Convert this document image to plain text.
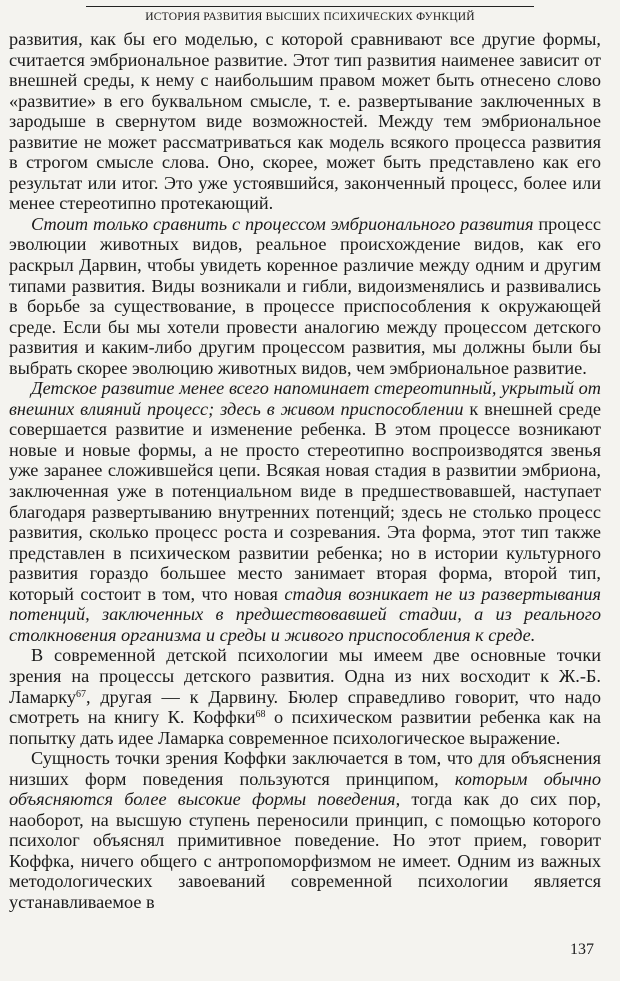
ИСТОРИЯ РАЗВИТИЯ ВЫСШИХ ПСИХИЧЕСКИХ ФУНКЦИЙ

развития, как бы его моделью, с которой сравнивают все другие формы, считается эмбриональное развитие. Этот тип развития наименее зависит от внешней среды, к нему с наибольшим правом может быть отнесено слово «развитие» в его буквальном смысле, т. е. развертывание заключенных в зародыше в свернутом виде возможностей. Между тем эмбриональное развитие не может рассматриваться как модель всякого процесса развития в строгом смысле слова. Оно, скорее, может быть представлено как его результат или итог. Это уже устоявшийся, законченный процесс, более или менее стереотипно протекающий.

Стоит только сравнить с процессом эмбрионального развития процесс эволюции животных видов, реальное происхождение видов, как его раскрыл Дарвин, чтобы увидеть коренное различие между одним и другим типами развития. Виды возникали и гибли, видоизменялись и развивались в борьбе за существование, в процессе приспособления к окружающей среде. Если бы мы хотели провести аналогию между процессом детского развития и каким-либо другим процессом развития, мы должны были бы выбрать скорее эволюцию животных видов, чем эмбриональное развитие.

Детское развитие менее всего напоминает стереотипный, укрытый от внешних влияний процесс; здесь в живом приспособлении к внешней среде совершается развитие и изменение ребенка. В этом процессе возникают новые и новые формы, а не просто стереотипно воспроизводятся звенья уже заранее сложившейся цепи. Всякая новая стадия в развитии эмбриона, заключенная уже в потенциальном виде в предшествовавшей, наступает благодаря развертыванию внутренних потенций; здесь не столько процесс развития, сколько процесс роста и созревания. Эта форма, этот тип также представлен в психическом развитии ребенка; но в истории культурного развития гораздо большее место занимает вторая форма, второй тип, который состоит в том, что новая стадия возникает не из развертывания потенций, заключенных в предшествовавшей стадии, а из реального столкновения организма и среды и живого приспособления к среде.

В современной детской психологии мы имеем две основные точки зрения на процессы детского развития. Одна из них восходит к Ж.-Б. Ламарку$^{67}$, другая — к Дарвину. Бюлер справедливо говорит, что надо смотреть на книгу К. Коффки$^{68}$ о психическом развитии ребенка как на попытку дать идее Ламарка современное психологическое выражение.

Сущность точки зрения Коффки заключается в том, что для объяснения низших форм поведения пользуются принципом, которым обычно объясняются более высокие формы поведения, тогда как до сих пор, наоборот, на высшую ступень переносили принцип, с помощью которого психолог объяснял примитивное поведение. Но этот прием, говорит Коффка, ничего общего с антропоморфизмом не имеет. Одним из важных методологических завоеваний современной психологии является устанавливаемое в

137
